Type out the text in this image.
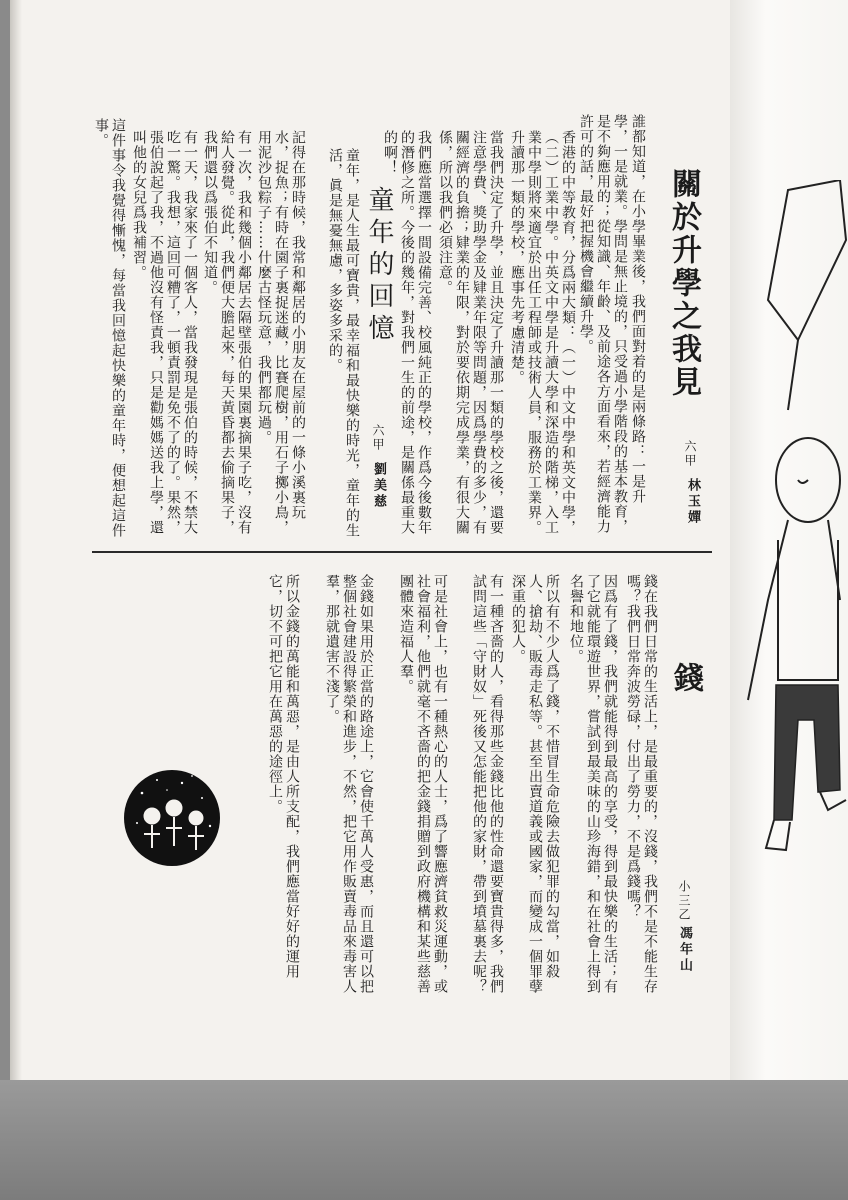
關於升學之我見
六甲
林玉嬋
誰都知道，在小學畢業後，我們面對着的是兩條路：一是升
學，一是就業。學問是無止境的，只受過小學階段的基本教育，是不夠應用的；從知識、年齡、及前途各方面看來，若經濟能力許可的話，最好把握機會繼續升學。
香港的中等教育，分爲兩大類：（一）中文中學和英文中學，（二）工業中學。中英文中學是升讀大學和深造的階梯，入工業中學則將來適宜於出任工程師或技術人員，服務於工業界。升讀那一類的學校，應事先考慮清楚。
當我們決定了升學，並且決定了升讀那一類的學校之後，還要注意學費、獎助學金及肄業年限等問題，因爲學費的多少，有關經濟的負擔；肄業的年限，對於要依期完成學業，有很大關係，所以我們必須注意。
我們應當選擇一間設備完善、校風純正的學校，作爲今後數年的潛修之所。今後的幾年，對我們一生的前途，是關係最重大的啊！
童年的回憶
六甲
劉美慈
童年，是人生最可寶貴，最幸福和最快樂的時光，童年的生活，眞是無憂無慮，多姿多采的。
記得在那時候，我常和鄰居的小朋友在屋前的一條小溪裏玩水，捉魚；有時在園子裏捉迷藏，比賽爬樹，用石子擲小鳥，用泥沙包粽子……什麼古怪玩意，我們都玩過。
有一次，我和幾個小鄰居去隔壁張伯的果園裏摘果子吃，沒有給人發覺。從此，我們便大膽起來，每天黃昏都去偷摘果子，我們還以爲張伯不知道。
有一天，我家來了一個客人，當我發現是張伯的時候，不禁大吃一驚。我想，這回可糟了，一頓責罰是免不了的了。果然，張伯說起了我，不過他沒有怪責我，只是勸媽媽送我上學，還叫他的女兒爲我補習。
這件事令我覺得慚愧，每當我回憶起快樂的童年時，便想起這件事。
錢
小三乙
馮年山
錢在我們日常的生活上，是最重要的，沒錢，我們不是不能生存嗎？我們日常奔波勞碌，付出了勞力，不是爲錢嗎？
因爲有了錢，我們就能得到最高的享受，得到最快樂的生活；有了它就能環遊世界，嘗試到最美味的山珍海錯，和在社會上得到名譽和地位。
所以有不少人爲了錢，不惜冒生命危險去做犯罪的勾當，如殺人、搶劫、販毒走私等。甚至出賣道義或國家，而變成一個罪孽深重的犯人。
有一種吝嗇的人，看得那些金錢比他的性命還要寶貴得多，我們試問這些「守財奴」死後又怎能把他的家財，帶到墳墓裏去呢？
可是社會上，也有一種熱心的人士，爲了響應濟貧救災運動，或社會福利，他們就毫不吝嗇的把金錢捐贈到政府機構和某些慈善團體來造福人羣。
金錢如果用於正當的路途上，它會使千萬人受惠，而且還可以把整個社會建設得繁榮和進步，不然，把它用作販賣毒品來毒害人羣，那就遺害不淺了。
所以金錢的萬能和萬惡，是由人所支配，我們應當好好的運用它，切不可把它用在萬惡的途徑上。
